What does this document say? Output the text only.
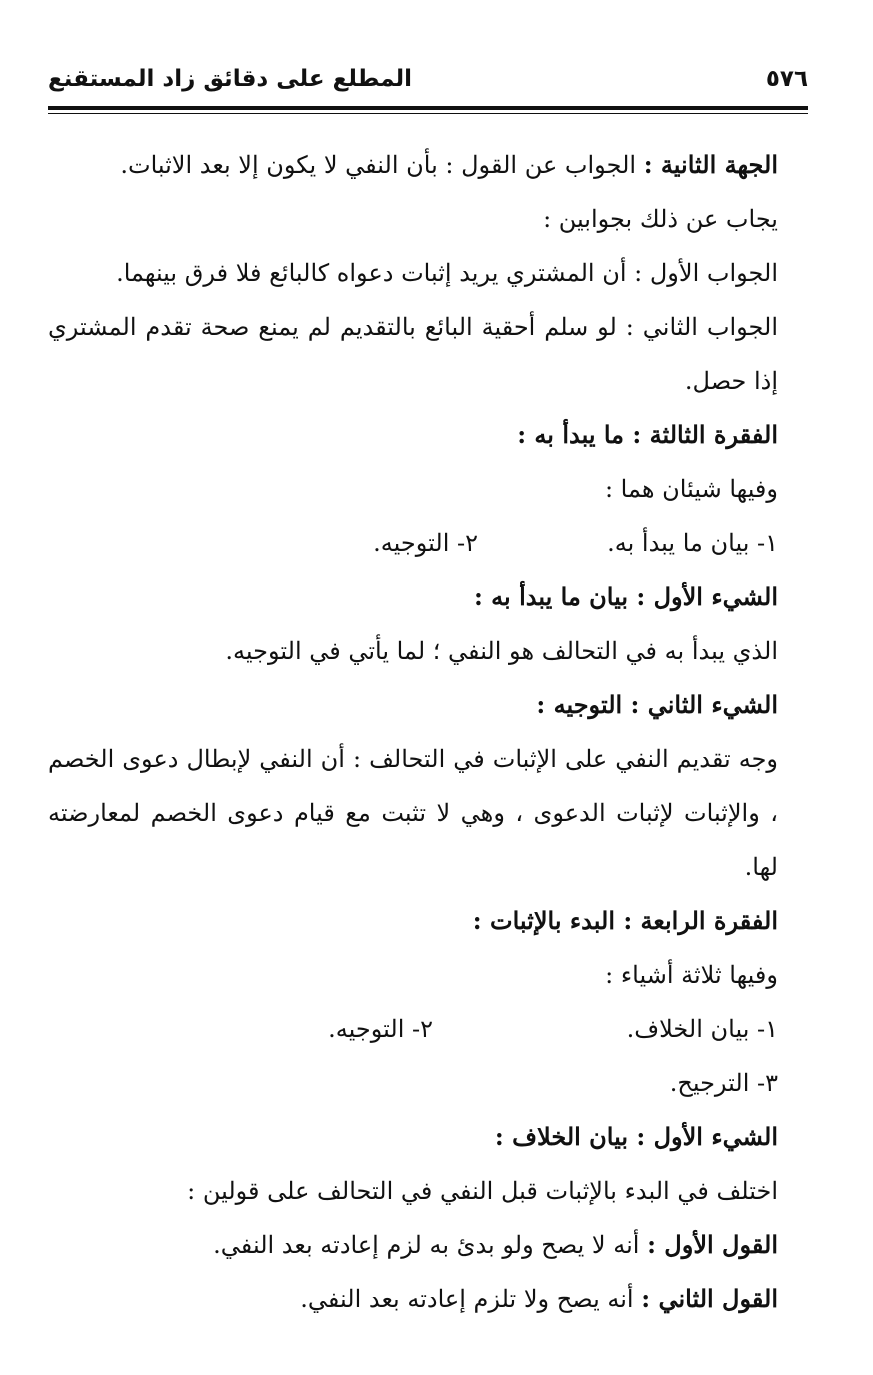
٥٧٦
المطلع على دقائق زاد المستقنع

الجهة الثانية : الجواب عن القول : بأن النفي لا يكون إلا بعد الاثبات.

يجاب عن ذلك بجوابين :

الجواب الأول : أن المشتري يريد إثبات دعواه كالبائع فلا فرق بينهما.

الجواب الثاني : لو سلم أحقية البائع بالتقديم لم يمنع صحة تقدم المشتري إذا حصل.

الفقرة الثالثة : ما يبدأ به :

وفيها شيئان هما :

١- بيان ما يبدأ به.
٢- التوجيه.

الشيء الأول : بيان ما يبدأ به :

الذي يبدأ به في التحالف هو النفي ؛ لما يأتي في التوجيه.

الشيء الثاني : التوجيه :

وجه تقديم النفي على الإثبات في التحالف : أن النفي لإبطال دعوى الخصم ، والإثبات لإثبات الدعوى ، وهي لا تثبت مع قيام دعوى الخصم لمعارضته لها.

الفقرة الرابعة : البدء بالإثبات :

وفيها ثلاثة أشياء :

١- بيان الخلاف.
٢- التوجيه.

٣- الترجيح.

الشيء الأول : بيان الخلاف :

اختلف في البدء بالإثبات قبل النفي في التحالف على قولين :

القول الأول : أنه لا يصح ولو بدئ به لزم إعادته بعد النفي.

القول الثاني : أنه يصح ولا تلزم إعادته بعد النفي.
